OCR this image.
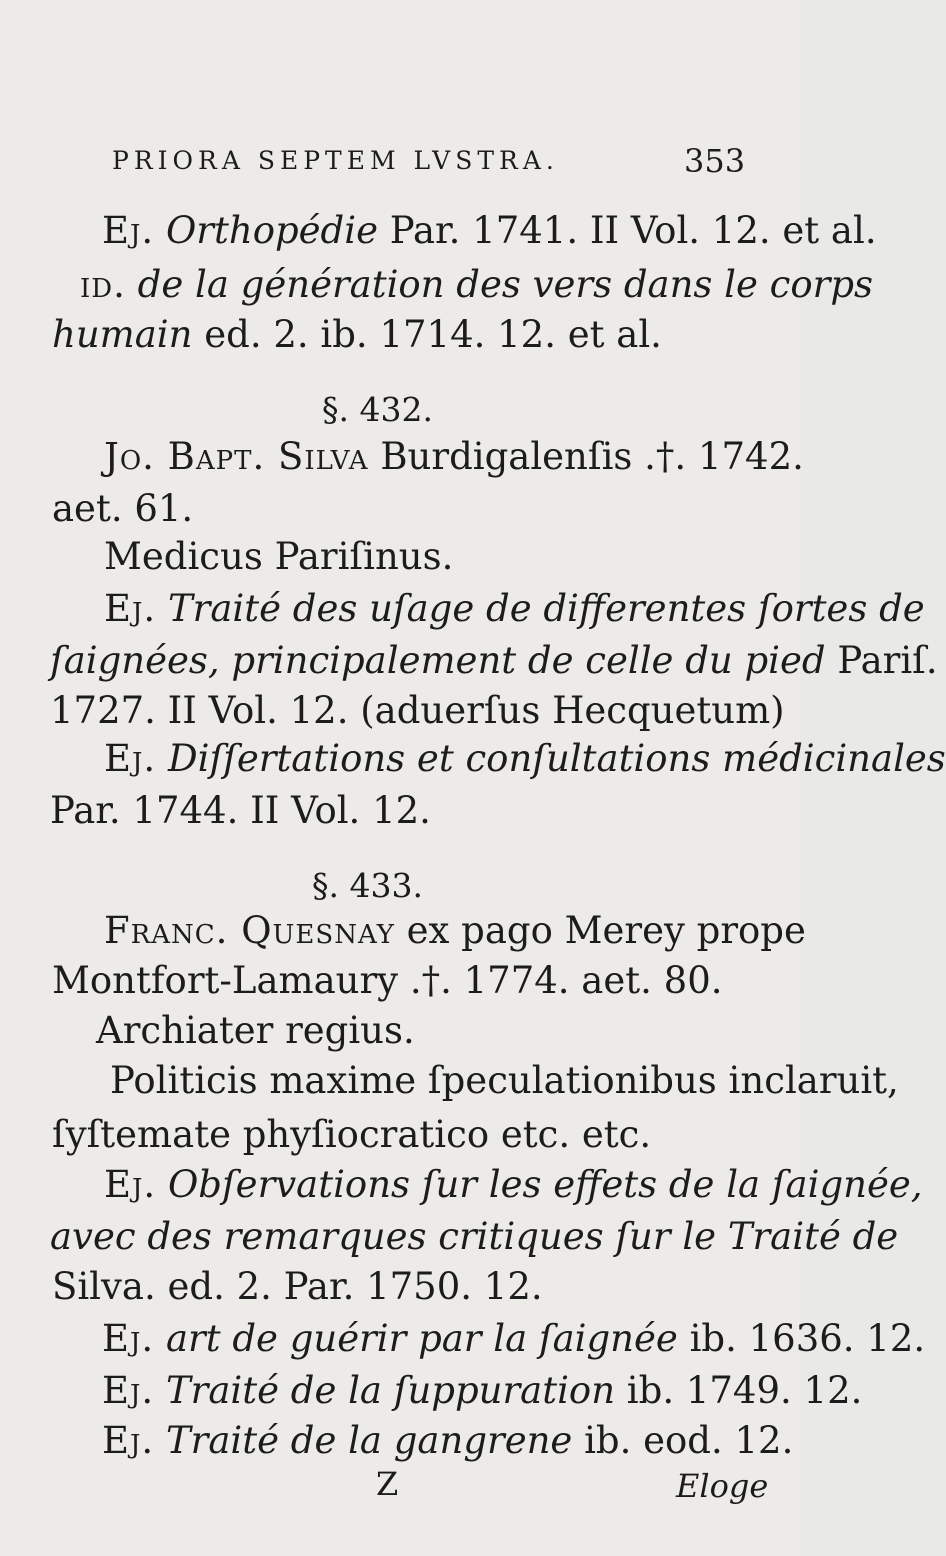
PRIORA SEPTEM LVSTRA.	353
Ej. Orthopédie Par. 1741. II Vol. 12. et al.
id. de la génération des vers dans le corps
humain ed. 2. ib. 1714. 12. et al.
§. 432.
Jo. Bapt. Silva Burdigalenſis .†. 1742.
aet. 61.
Medicus Pariſinus.
Ej. Traité des uſage de differentes ſortes de
ſaignées, principalement de celle du pied Pariſ.
1727. II Vol. 12. (aduerſus Hecquetum)
Ej. Diſſertations et conſultations médicinales
Par. 1744. II Vol. 12.
§. 433.
Franc. Quesnay ex pago Merey prope
Montfort-Lamaury .†. 1774. aet. 80.
Archiater regius.
Politicis maxime ſpeculationibus inclaruit,
ſyſtemate phyſiocratico etc. etc.
Ej. Obſervations ſur les effets de la ſaignée,
avec des remarques critiques ſur le Traité de
Silva. ed. 2. Par. 1750. 12.
Ej. art de guérir par la ſaignée ib. 1636. 12.
Ej. Traité de la ſuppuration ib. 1749. 12.
Ej. Traité de la gangrene ib. eod. 12.
Z	Eloge
